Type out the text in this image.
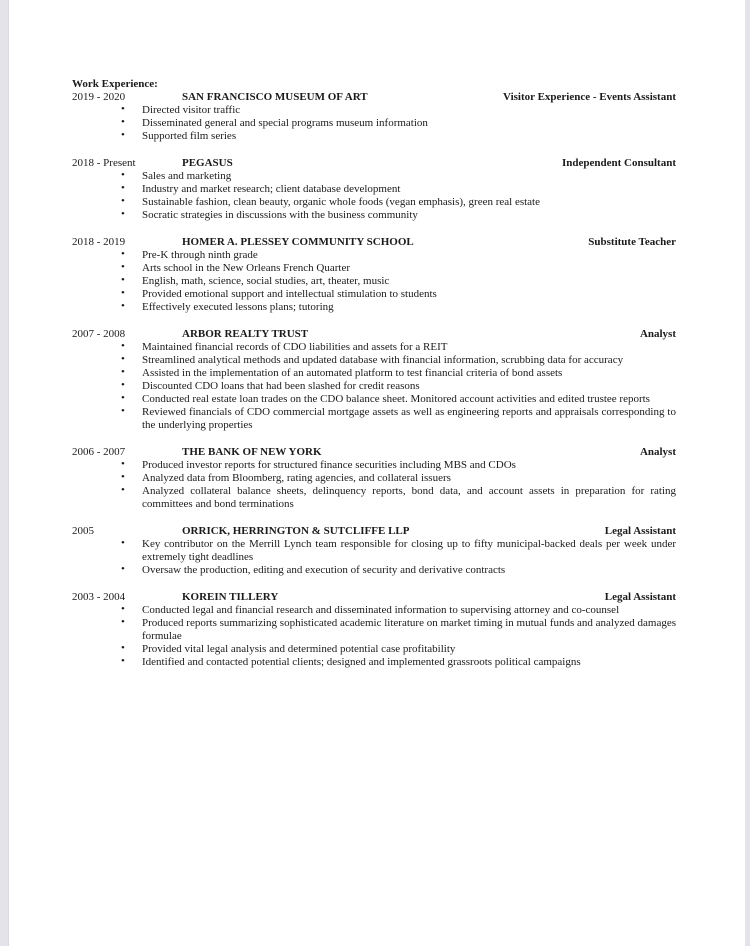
Work Experience:
2019 - 2020	SAN FRANCISCO MUSEUM OF ART	Visitor Experience - Events Assistant
• Directed visitor traffic
• Disseminated general and special programs museum information
• Supported film series
2018 - Present	PEGASUS	Independent Consultant
• Sales and marketing
• Industry and market research; client database development
• Sustainable fashion, clean beauty, organic whole foods (vegan emphasis), green real estate
• Socratic strategies in discussions with the business community
2018 - 2019	HOMER A. PLESSEY COMMUNITY SCHOOL	Substitute Teacher
• Pre-K through ninth grade
• Arts school in the New Orleans French Quarter
• English, math, science, social studies, art, theater, music
• Provided emotional support and intellectual stimulation to students
• Effectively executed lessons plans; tutoring
2007 - 2008	ARBOR REALTY TRUST	Analyst
• Maintained financial records of CDO liabilities and assets for a REIT
• Streamlined analytical methods and updated database with financial information, scrubbing data for accuracy
• Assisted in the implementation of an automated platform to test financial criteria of bond assets
• Discounted CDO loans that had been slashed for credit reasons
• Conducted real estate loan trades on the CDO balance sheet. Monitored account activities and edited trustee reports
• Reviewed financials of CDO commercial mortgage assets as well as engineering reports and appraisals corresponding to the underlying properties
2006 - 2007	THE BANK OF NEW YORK	Analyst
• Produced investor reports for structured finance securities including MBS and CDOs
• Analyzed data from Bloomberg, rating agencies, and collateral issuers
• Analyzed collateral balance sheets, delinquency reports, bond data, and account assets in preparation for rating committees and bond terminations
2005	ORRICK, HERRINGTON & SUTCLIFFE LLP	Legal Assistant
• Key contributor on the Merrill Lynch team responsible for closing up to fifty municipal-backed deals per week under extremely tight deadlines
• Oversaw the production, editing and execution of security and derivative contracts
2003 - 2004	KOREIN TILLERY	Legal Assistant
• Conducted legal and financial research and disseminated information to supervising attorney and co-counsel
• Produced reports summarizing sophisticated academic literature on market timing in mutual funds and analyzed damages formulae
• Provided vital legal analysis and determined potential case profitability
• Identified and contacted potential clients; designed and implemented grassroots political campaigns
